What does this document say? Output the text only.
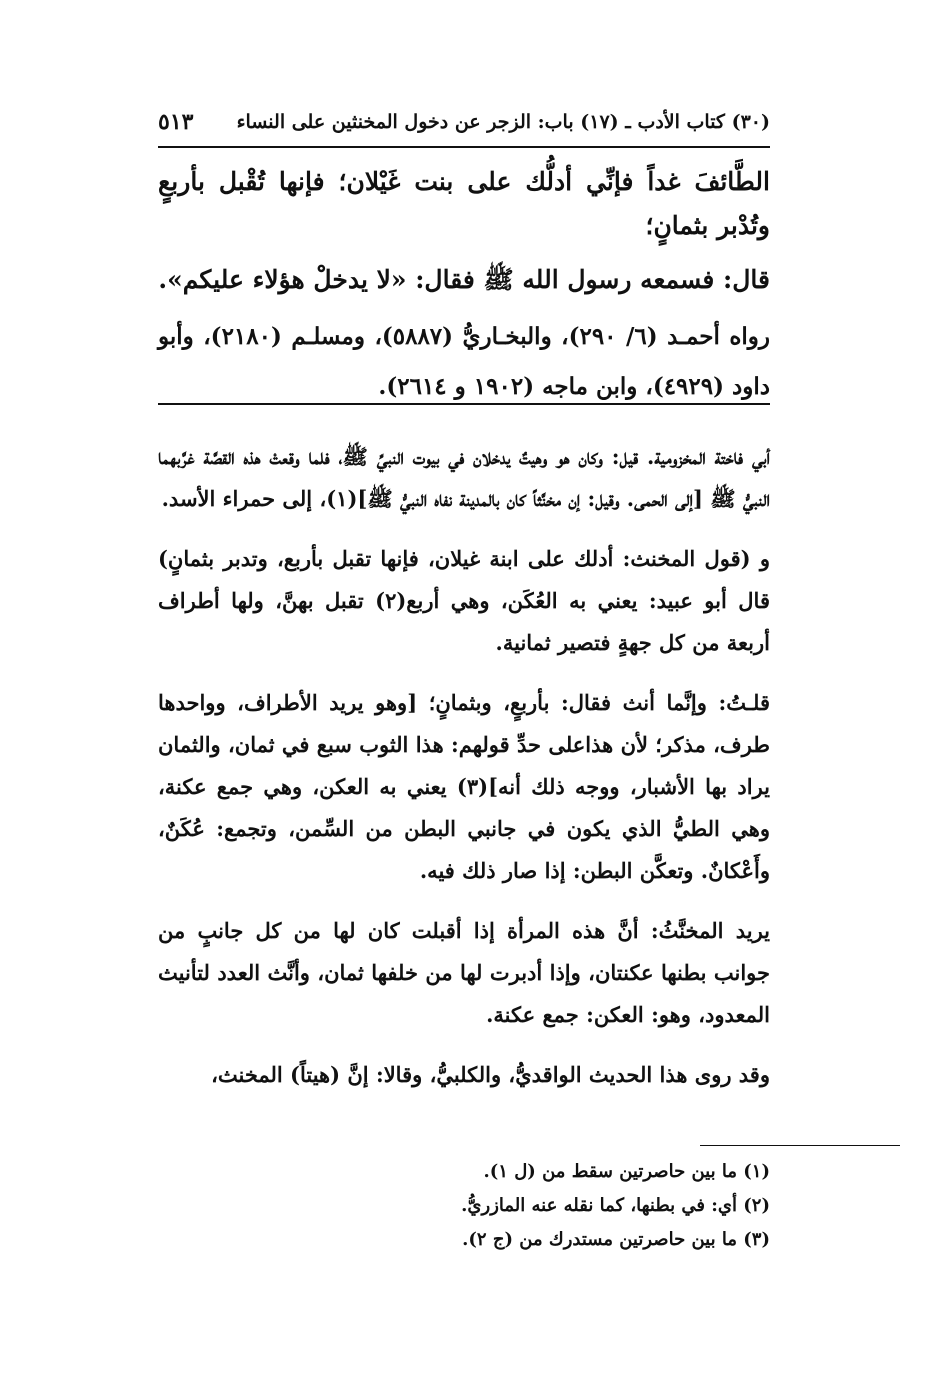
(٣٠) كتاب الأدب ـ (١٧) باب: الزجر عن دخول المخنثين على النساء
٥١٣

الطَّائفَ غداً فإنِّي أدلُّك على بنت غَيْلان؛ فإنها تُقْبل بأربعٍ وتُدْبر بثمانٍ؛

قال: فسمعه رسول الله ﷺ فقال: «لا يدخلْ هؤلاء عليكم».

رواه أحمـد (٦/ ٢٩٠)، والبخـاريُّ (٥٨٨٧)، ومسلـم (٢١٨٠)، وأبو داود (٤٩٢٩)، وابن ماجه (١٩٠٢ و ٢٦١٤).

أبي فاختة المخزومية. قيل: وكان هو وهيتٌ يدخلان في بيوت النبيِّ ﷺ، فلما وقعتْ هذه القصَّة غرَّبهما النبيُّ ﷺ [إلى الحمى. وقيل: إن مخنَّثاً كان بالمدينة نفاه النبيُّ ﷺ](١)، إلى حمراء الأسد.

و (قول المخنث: أدلك على ابنة غيلان، فإنها تقبل بأربع، وتدبر بثمانٍ) قال أبو عبيد: يعني به العُكَن، وهي أربع(٢) تقبل بهنَّ، ولها أطراف أربعة من كل جهةٍ فتصير ثمانية.

قلـتُ: وإنَّما أنث فقال: بأربعٍ، وبثمانٍ؛ [وهو يريد الأطراف، وواحدها طرف، مذكر؛ لأن هذاعلى حدِّ قولهم: هذا الثوب سبع في ثمان، والثمان يراد بها الأشبار، ووجه ذلك أنه](٣) يعني به العكن، وهي جمع عكنة، وهي الطيُّ الذي يكون في جانبي البطن من السِّمن، وتجمع: عُكَنٌ، وأَعْكانٌ. وتعكَّن البطن: إذا صار ذلك فيه.

يريد المخنَّثُ: أنَّ هذه المرأة إذا أقبلت كان لها من كل جانبٍ من جوانب بطنها عكنتان، وإذا أدبرت لها من خلفها ثمان، وأنَّث العدد لتأنيث المعدود، وهو: العكن: جمع عكنة.

وقد روى هذا الحديث الواقديُّ، والكلبيُّ، وقالا: إنَّ (هيتاً) المخنث،

(١) ما بين حاصرتين سقط من (ل ١).

(٢) أي: في بطنها، كما نقله عنه المازريُّ.

(٣) ما بين حاصرتين مستدرك من (ج ٢).
